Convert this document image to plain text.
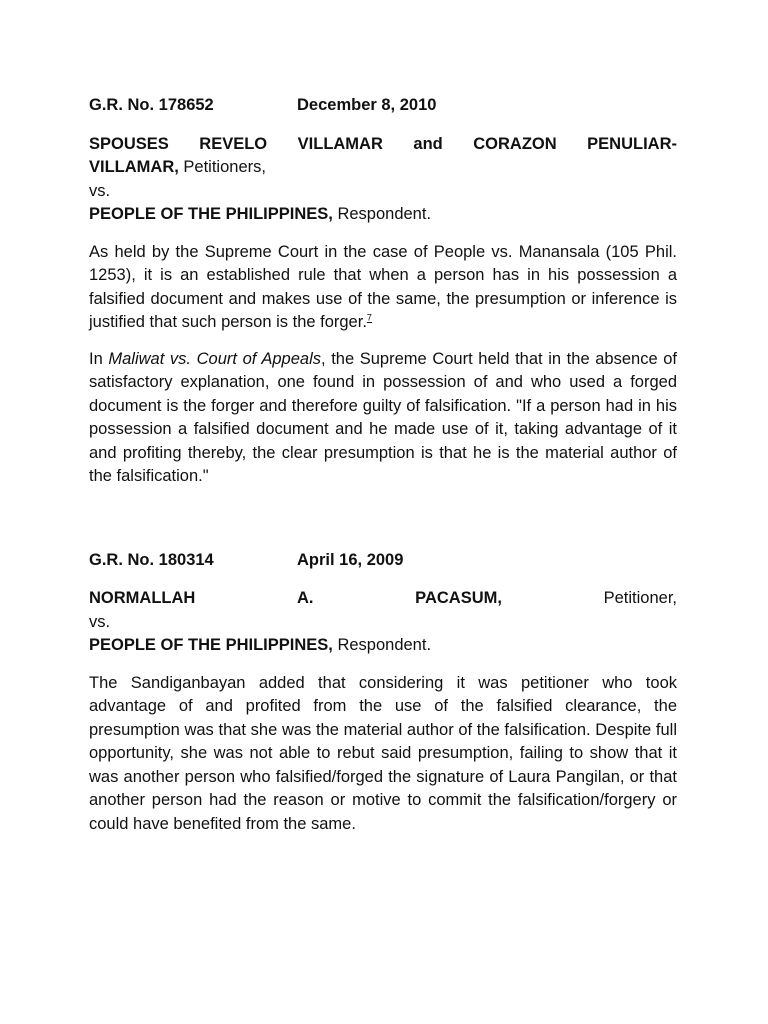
G.R. No. 178652	December 8, 2010
SPOUSES REVELO VILLAMAR and CORAZON PENULIAR-
VILLAMAR, Petitioners,
vs.
PEOPLE OF THE PHILIPPINES, Respondent.

As held by the Supreme Court in the case of People vs. Manansala (105 Phil. 1253), it is an established rule that when a person has in his possession a falsified document and makes use of the same, the presumption or inference is justified that such person is the forger.$^7$

In Maliwat vs. Court of Appeals, the Supreme Court held that in the absence of satisfactory explanation, one found in possession of and who used a forged document is the forger and therefore guilty of falsification. "If a person had in his possession a falsified document and he made use of it, taking advantage of it and profiting thereby, the clear presumption is that he is the material author of the falsification."

G.R. No. 180314	April 16, 2009
NORMALLAH	A.	PACASUM, Petitioner,
vs.
PEOPLE OF THE PHILIPPINES, Respondent.

The Sandiganbayan added that considering it was petitioner who took advantage of and profited from the use of the falsified clearance, the presumption was that she was the material author of the falsification. Despite full opportunity, she was not able to rebut said presumption, failing to show that it was another person who falsified/forged the signature of Laura Pangilan, or that another person had the reason or motive to commit the falsification/forgery or could have benefited from the same.
